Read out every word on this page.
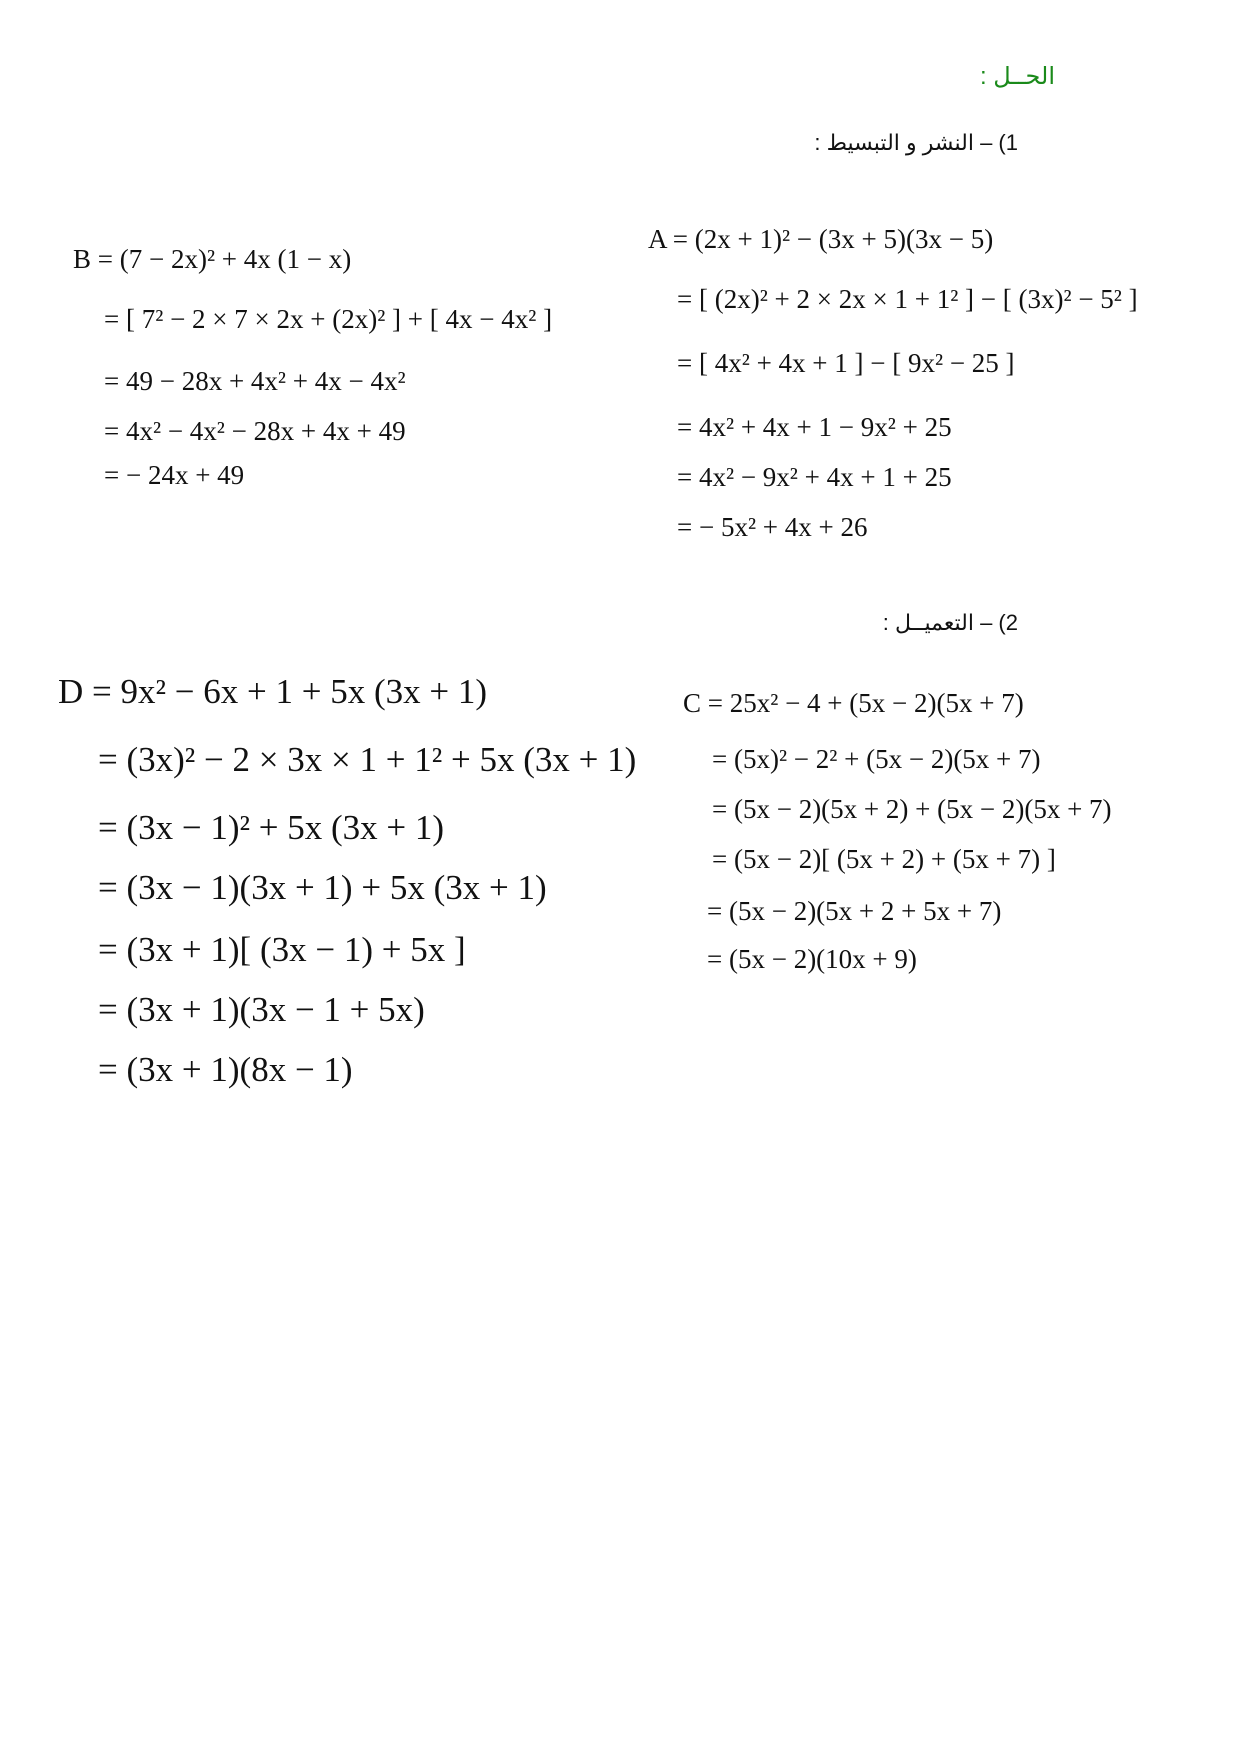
الحــل :
1) – النشر و التبسيط :
2) – التعميــل :
A = (2x + 1)² − (3x + 5)(3x − 5)
= [ (2x)² + 2 × 2x × 1 + 1² ] − [ (3x)² − 5² ]
= [ 4x² + 4x + 1 ] − [ 9x² − 25 ]
= 4x² + 4x + 1 − 9x² + 25
= 4x² − 9x² + 4x + 1 + 25
= − 5x² + 4x + 26
B = (7 − 2x)² + 4x (1 − x)
= [ 7² − 2 × 7 × 2x + (2x)² ] + [ 4x − 4x² ]
= 49 − 28x + 4x² + 4x − 4x²
= 4x² − 4x² − 28x + 4x + 49
= − 24x + 49
C = 25x² − 4 + (5x − 2)(5x + 7)
= (5x)² − 2² + (5x − 2)(5x + 7)
= (5x − 2)(5x + 2) + (5x − 2)(5x + 7)
= (5x − 2)[ (5x + 2) + (5x + 7) ]
= (5x − 2)(5x + 2 + 5x + 7)
= (5x − 2)(10x + 9)
D = 9x² − 6x + 1 + 5x (3x + 1)
= (3x)² − 2 × 3x × 1 + 1² + 5x (3x + 1)
= (3x − 1)² + 5x (3x + 1)
= (3x − 1)(3x + 1) + 5x (3x + 1)
= (3x + 1)[ (3x − 1) + 5x ]
= (3x + 1)(3x − 1 + 5x)
= (3x + 1)(8x − 1)
